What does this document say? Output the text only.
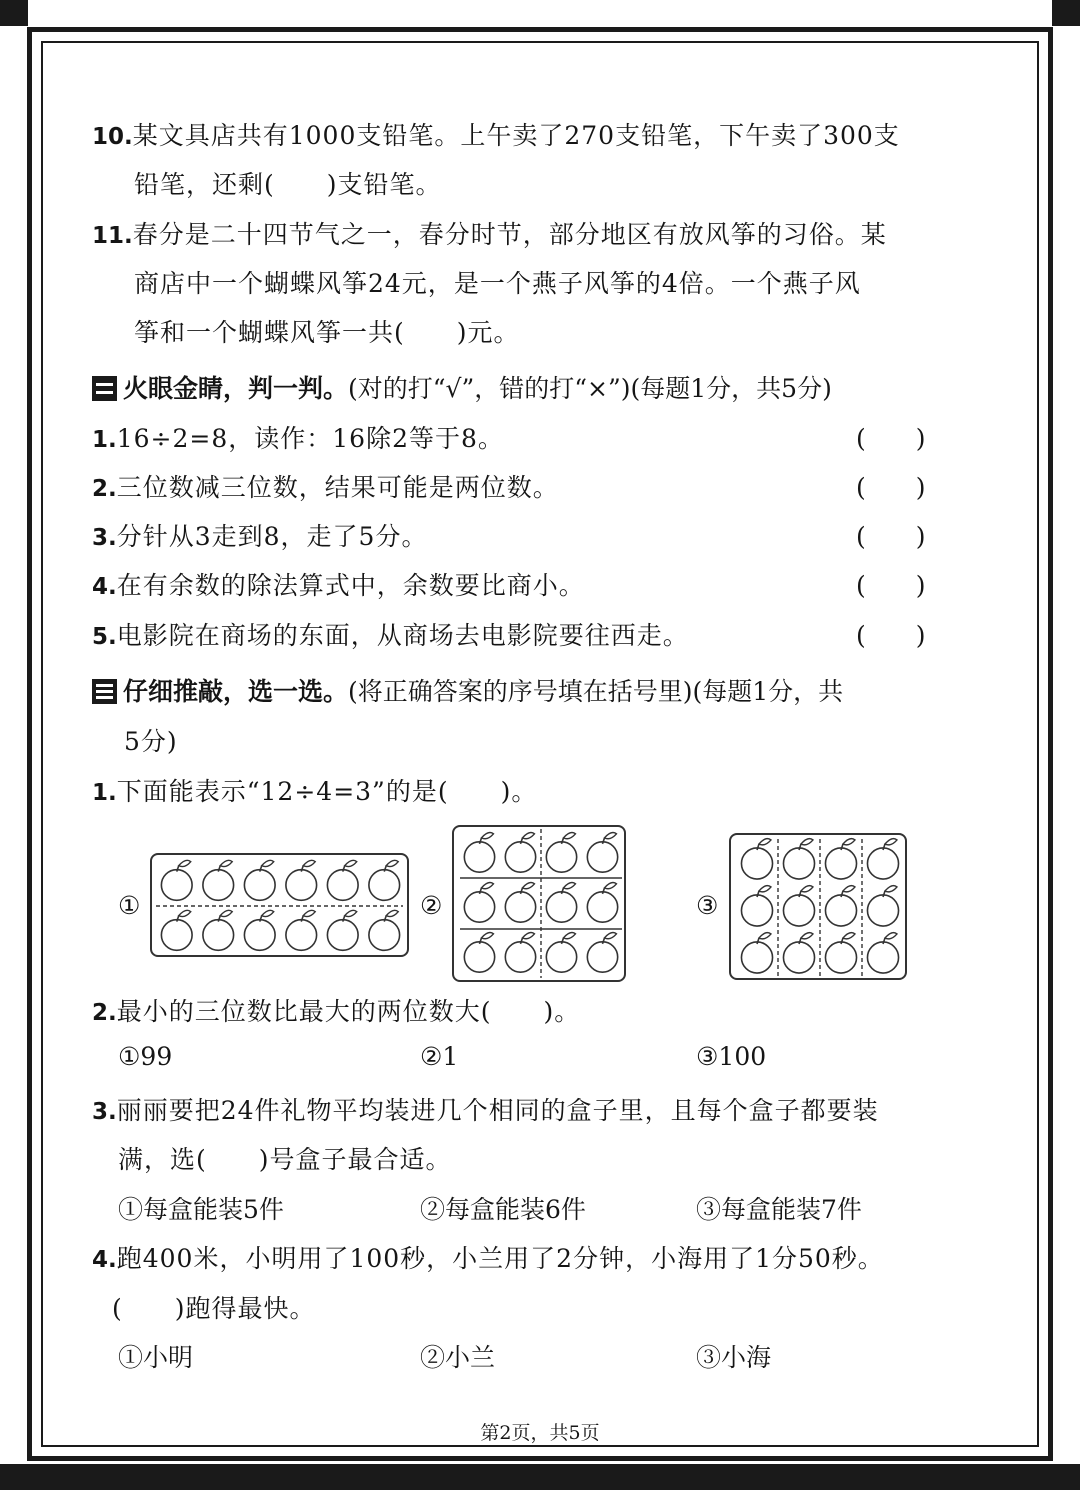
10.某文具店共有1000支铅笔。上午卖了270支铅笔，下午卖了300支
铅笔，还剩(　　)支铅笔。
11.春分是二十四节气之一，春分时节，部分地区有放风筝的习俗。某
商店中一个蝴蝶风筝24元，是一个燕子风筝的4倍。一个燕子风
筝和一个蝴蝶风筝一共(　　)元。
火眼金睛，判一判。(对的打“√”，错的打“×”)(每题1分，共5分)
1.16÷2=8，读作：16除2等于8。	(　　)
2.三位数减三位数，结果可能是两位数。	(　　)
3.分针从3走到8，走了5分。	(　　)
4.在有余数的除法算式中，余数要比商小。	(　　)
5.电影院在商场的东面，从商场去电影院要往西走。	(　　)
仔细推敲，选一选。(将正确答案的序号填在括号里)(每题1分，共
5分)
1.下面能表示“12÷4=3”的是(　　)。
①	②	③
2.最小的三位数比最大的两位数大(　　)。
①99	②1	③100
3.丽丽要把24件礼物平均装进几个相同的盒子里，且每个盒子都要装
满，选(　　)号盒子最合适。
①每盒能装5件	②每盒能装6件	③每盒能装7件
4.跑400米，小明用了100秒，小兰用了2分钟，小海用了1分50秒。
(　　)跑得最快。
①小明	②小兰	③小海
第2页，共5页
